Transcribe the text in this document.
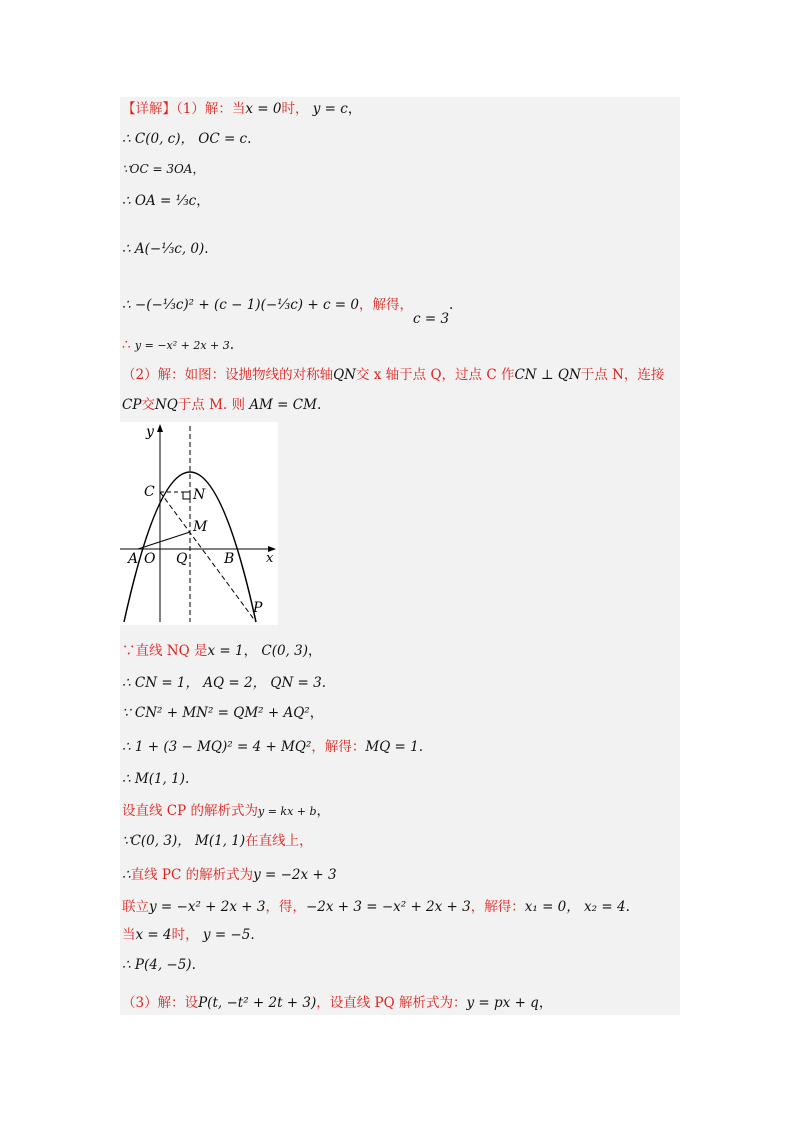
【详解】（1）解：当x = 0时， y = c，
∴ C(0, c)， OC = c.
∵OC = 3OA，
∴ OA = ⅓c，
∴ A(−⅓c, 0).
∴ −(−⅓c)² + (c − 1)(−⅓c) + c = 0，解得，c = 3.
∴ y = −x² + 2x + 3.
（2）解：如图：设抛物线的对称轴QN交 x 轴于点 Q，过点 C 作CN ⊥ QN于点 N，连接
CP交NQ于点 M. 则 AM = CM.
y
x
C	N
M
A O Q	B
P
∵直线 NQ 是x = 1， C(0, 3)，
∴ CN = 1， AQ = 2， QN = 3.
∵ CN² + MN² = QM² + AQ²，
∴ 1 + (3 − MQ)² = 4 + MQ²，解得：MQ = 1.
∴ M(1, 1).
设直线 CP 的解析式为y = kx + b，
∵C(0, 3)， M(1, 1)在直线上，
∴直线 PC 的解析式为y = −2x + 3
联立y = −x² + 2x + 3，得，−2x + 3 = −x² + 2x + 3，解得：x₁ = 0， x₂ = 4.
当x = 4时， y = −5.
∴ P(4, −5).
（3）解：设P(t, −t² + 2t + 3)，设直线 PQ 解析式为：y = px + q，
